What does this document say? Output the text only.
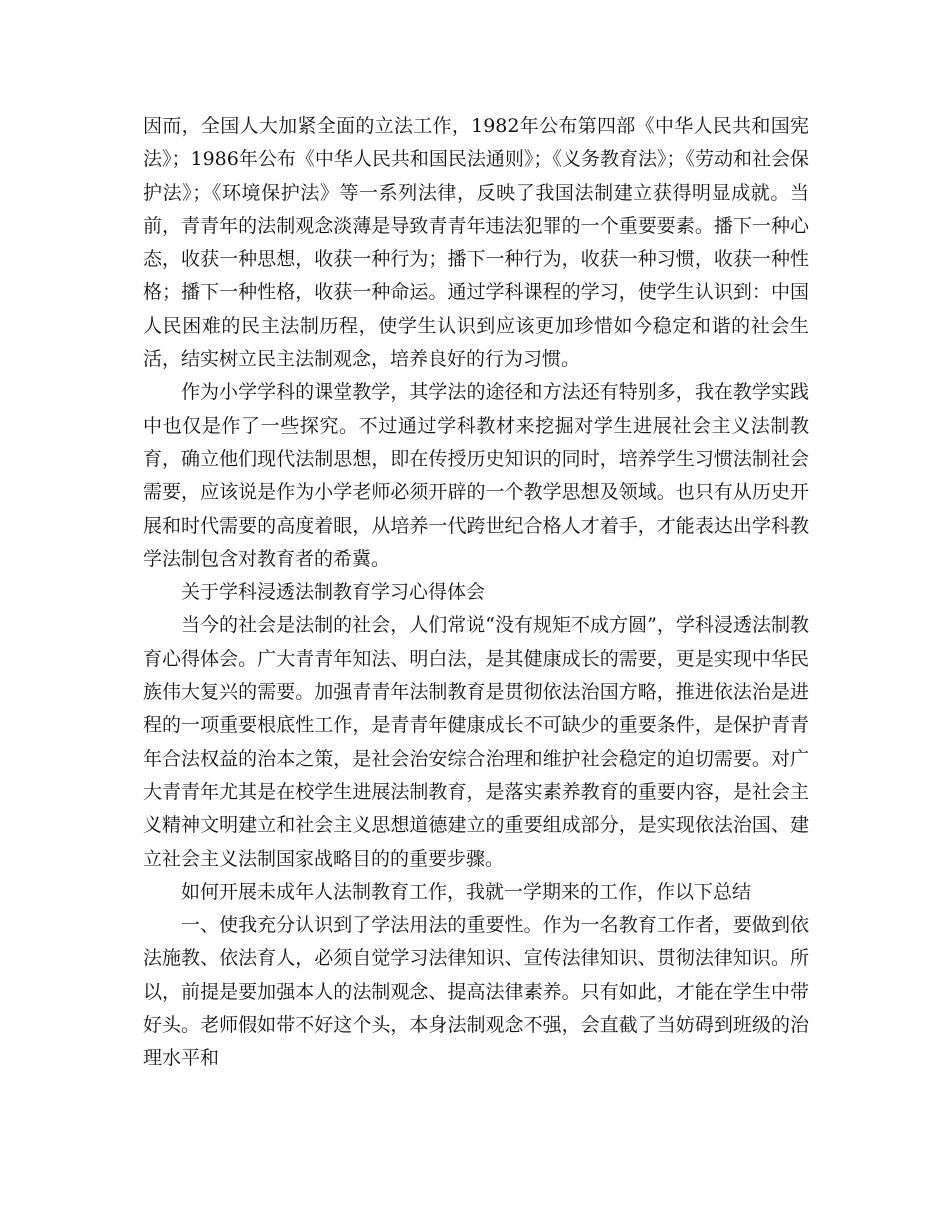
因而，全国人大加紧全面的立法工作，1982年公布第四部《中华人民共和国宪法》；1986年公布《中华人民共和国民法通则》；《义务教育法》；《劳动和社会保护法》；《环境保护法》等一系列法律，反映了我国法制建立获得明显成就。当前，青青年的法制观念淡薄是导致青青年违法犯罪的一个重要要素。播下一种心态，收获一种思想，收获一种行为；播下一种行为，收获一种习惯，收获一种性格；播下一种性格，收获一种命运。通过学科课程的学习，使学生认识到：中国人民困难的民主法制历程，使学生认识到应该更加珍惜如今稳定和谐的社会生活，结实树立民主法制观念，培养良好的行为习惯。

作为小学学科的课堂教学，其学法的途径和方法还有特别多，我在教学实践中也仅是作了一些探究。不过通过学科教材来挖掘对学生进展社会主义法制教育，确立他们现代法制思想，即在传授历史知识的同时，培养学生习惯法制社会需要，应该说是作为小学老师必须开辟的一个教学思想及领域。也只有从历史开展和时代需要的高度着眼，从培养一代跨世纪合格人才着手，才能表达出学科教学法制包含对教育者的希冀。

关于学科浸透法制教育学习心得体会

当今的社会是法制的社会，人们常说“没有规矩不成方圆”，学科浸透法制教育心得体会。广大青青年知法、明白法，是其健康成长的需要，更是实现中华民族伟大复兴的需要。加强青青年法制教育是贯彻依法治国方略，推进依法治是进程的一项重要根底性工作，是青青年健康成长不可缺少的重要条件，是保护青青年合法权益的治本之策，是社会治安综合治理和维护社会稳定的迫切需要。对广大青青年尤其是在校学生进展法制教育，是落实素养教育的重要内容，是社会主义精神文明建立和社会主义思想道德建立的重要组成部分，是实现依法治国、建立社会主义法制国家战略目的的重要步骤。

如何开展未成年人法制教育工作，我就一学期来的工作，作以下总结

一、使我充分认识到了学法用法的重要性。作为一名教育工作者，要做到依法施教、依法育人，必须自觉学习法律知识、宣传法律知识、贯彻法律知识。所以，前提是要加强本人的法制观念、提高法律素养。只有如此，才能在学生中带好头。老师假如带不好这个头，本身法制观念不强，会直截了当妨碍到班级的治理水平和
